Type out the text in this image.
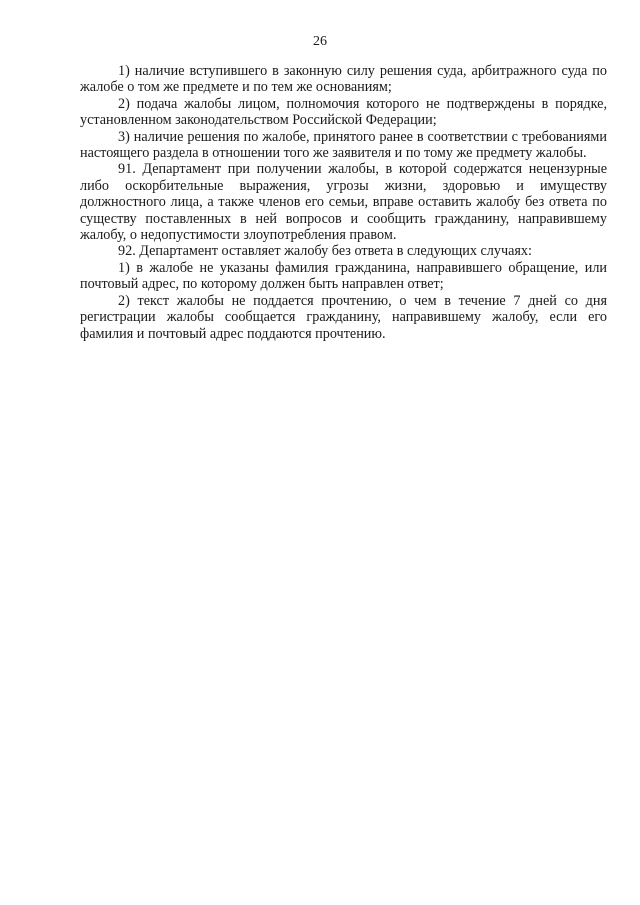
26

1) наличие вступившего в законную силу решения суда, арбитражного суда по жалобе о том же предмете и по тем же основаниям;

2) подача жалобы лицом, полномочия которого не подтверждены в порядке, установленном законодательством Российской Федерации;

3) наличие решения по жалобе, принятого ранее в соответствии с требованиями настоящего раздела в отношении того же заявителя и по тому же предмету жалобы.

91. Департамент при получении жалобы, в которой содержатся нецензурные либо оскорбительные выражения, угрозы жизни, здоровью и имуществу должностного лица, а также членов его семьи, вправе оставить жалобу без ответа по существу поставленных в ней вопросов и сообщить гражданину, направившему жалобу, о недопустимости злоупотребления правом.

92. Департамент оставляет жалобу без ответа в следующих случаях:

1) в жалобе не указаны фамилия гражданина, направившего обращение, или почтовый адрес, по которому должен быть направлен ответ;

2) текст жалобы не поддается прочтению, о чем в течение 7 дней со дня регистрации жалобы сообщается гражданину, направившему жалобу, если его фамилия и почтовый адрес поддаются прочтению.
